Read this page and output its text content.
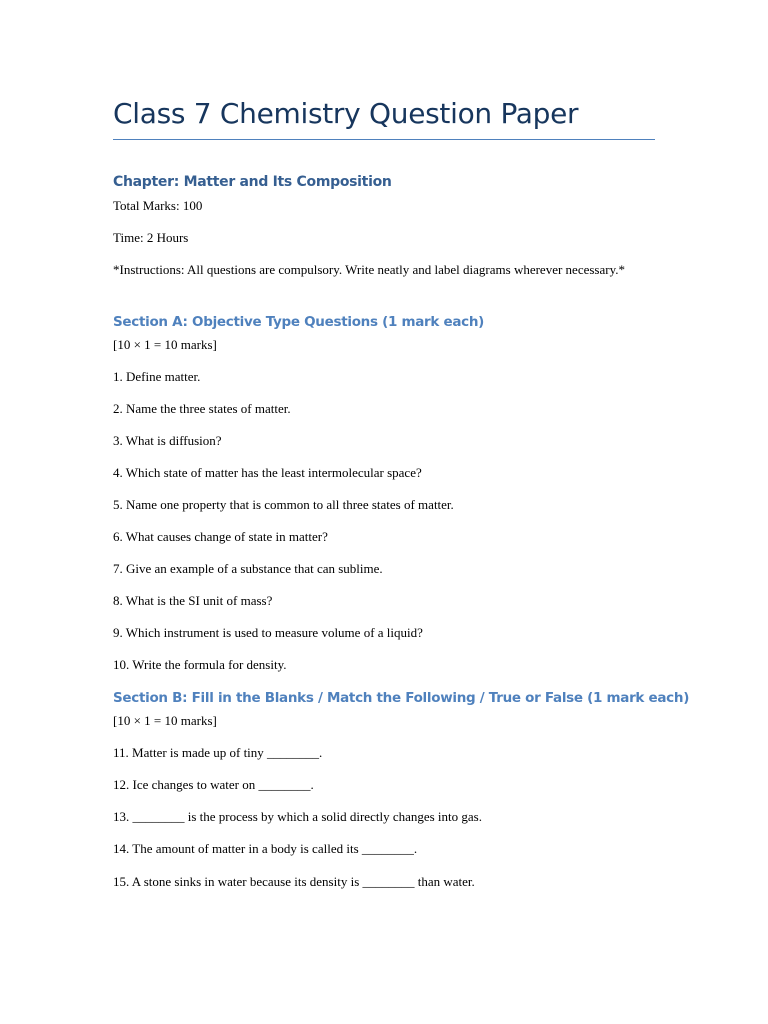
Class 7 Chemistry Question Paper
Chapter: Matter and Its Composition
Total Marks: 100
Time: 2 Hours
*Instructions: All questions are compulsory. Write neatly and label diagrams wherever necessary.*
Section A: Objective Type Questions (1 mark each)
[10 × 1 = 10 marks]
1. Define matter.
2. Name the three states of matter.
3. What is diffusion?
4. Which state of matter has the least intermolecular space?
5. Name one property that is common to all three states of matter.
6. What causes change of state in matter?
7. Give an example of a substance that can sublime.
8. What is the SI unit of mass?
9. Which instrument is used to measure volume of a liquid?
10. Write the formula for density.
Section B: Fill in the Blanks / Match the Following / True or False (1 mark each)
[10 × 1 = 10 marks]
11. Matter is made up of tiny ________.
12. Ice changes to water on ________.
13. ________ is the process by which a solid directly changes into gas.
14. The amount of matter in a body is called its ________.
15. A stone sinks in water because its density is ________ than water.
